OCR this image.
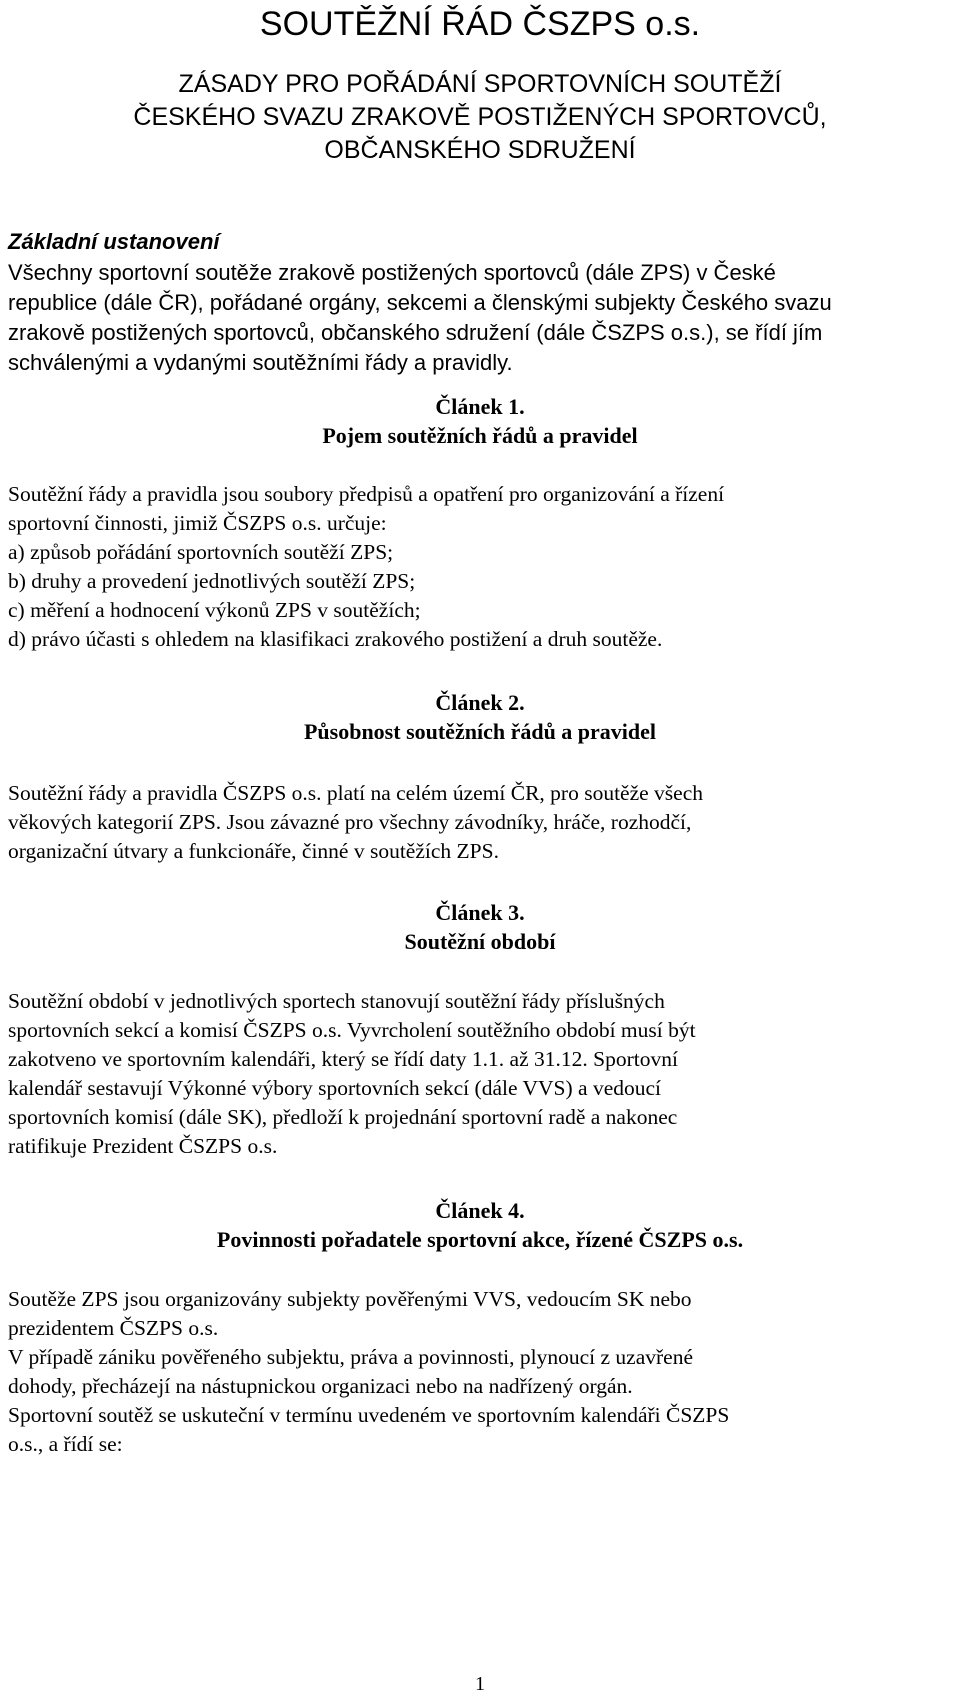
SOUTĚŽNÍ ŘÁD ČSZPS o.s.
ZÁSADY PRO POŘÁDÁNÍ SPORTOVNÍCH SOUTĚŽÍ
ČESKÉHO SVAZU ZRAKOVĚ POSTIŽENÝCH SPORTOVCŮ,
OBČANSKÉHO SDRUŽENÍ
Základní ustanovení
Všechny sportovní soutěže zrakově postižených sportovců (dále ZPS) v České
republice (dále ČR), pořádané orgány, sekcemi a členskými subjekty Českého svazu
zrakově postižených sportovců, občanského sdružení (dále ČSZPS o.s.), se řídí jím
schválenými a vydanými soutěžními řády a pravidly.
Článek 1.
Pojem soutěžních řádů a pravidel
Soutěžní řády a pravidla jsou soubory předpisů a opatření pro organizování a řízení
sportovní činnosti, jimiž ČSZPS o.s. určuje:
a) způsob pořádání sportovních soutěží ZPS;
b) druhy a provedení jednotlivých soutěží ZPS;
c) měření a hodnocení výkonů ZPS v soutěžích;
d) právo účasti s ohledem na klasifikaci zrakového postižení a druh soutěže.
Článek 2.
Působnost soutěžních řádů a pravidel
Soutěžní řády a pravidla ČSZPS o.s. platí na celém území ČR, pro soutěže všech
věkových kategorií ZPS. Jsou závazné pro všechny závodníky, hráče, rozhodčí,
organizační útvary a funkcionáře, činné v soutěžích ZPS.
Článek 3.
Soutěžní období
Soutěžní období v jednotlivých sportech stanovují soutěžní řády příslušných
sportovních sekcí a komisí ČSZPS o.s. Vyvrcholení soutěžního období musí být
zakotveno ve sportovním kalendáři, který se řídí daty 1.1. až 31.12. Sportovní
kalendář sestavují Výkonné výbory sportovních sekcí (dále VVS) a vedoucí
sportovních komisí (dále SK), předloží k projednání sportovní radě a nakonec
ratifikuje Prezident ČSZPS o.s.
Článek 4.
Povinnosti pořadatele sportovní akce, řízené ČSZPS o.s.
Soutěže ZPS jsou organizovány subjekty pověřenými VVS, vedoucím SK nebo
prezidentem ČSZPS o.s.
V případě zániku pověřeného subjektu, práva a povinnosti, plynoucí z uzavřené
dohody, přecházejí na nástupnickou organizaci nebo na nadřízený orgán.
Sportovní soutěž se uskuteční v termínu uvedeném ve sportovním kalendáři ČSZPS
o.s., a řídí se:
1
